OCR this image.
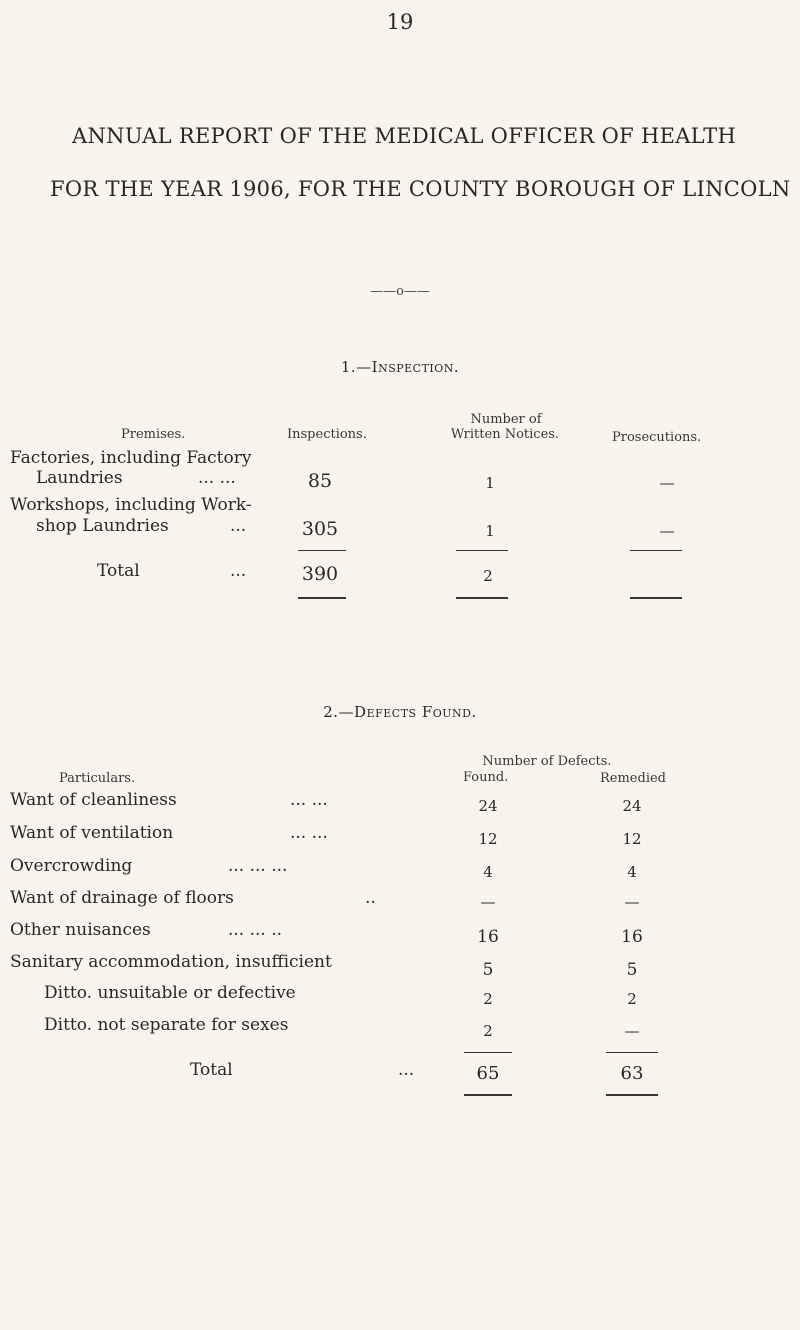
19
ANNUAL REPORT OF THE MEDICAL OFFICER OF HEALTH
FOR THE YEAR 1906, FOR THE COUNTY BOROUGH OF LINCOLN
——o——
1.—Inspection.
Premises.	Inspections.
Number of
Written Notices.	Prosecutions.
Factories, including Factory
Laundries	... ...	85	1	—
Workshops, including Work-
shop Laundries	...	305	1	—
Total	...	390	2
2.—Defects Found.
Number of Defects.
Particulars.	Found.	Remedied
Want of cleanliness	... ...	24	24
Want of ventilation	... ...	12	12
Overcrowding	... ... ...	4	4
Want of drainage of floors	..	—	—
Other nuisances	... ... ..	16	16
Sanitary accommodation, insufficient	5	5
Ditto. unsuitable or defective	2	2
Ditto. not separate for sexes	2	—
Total	...	65	63
